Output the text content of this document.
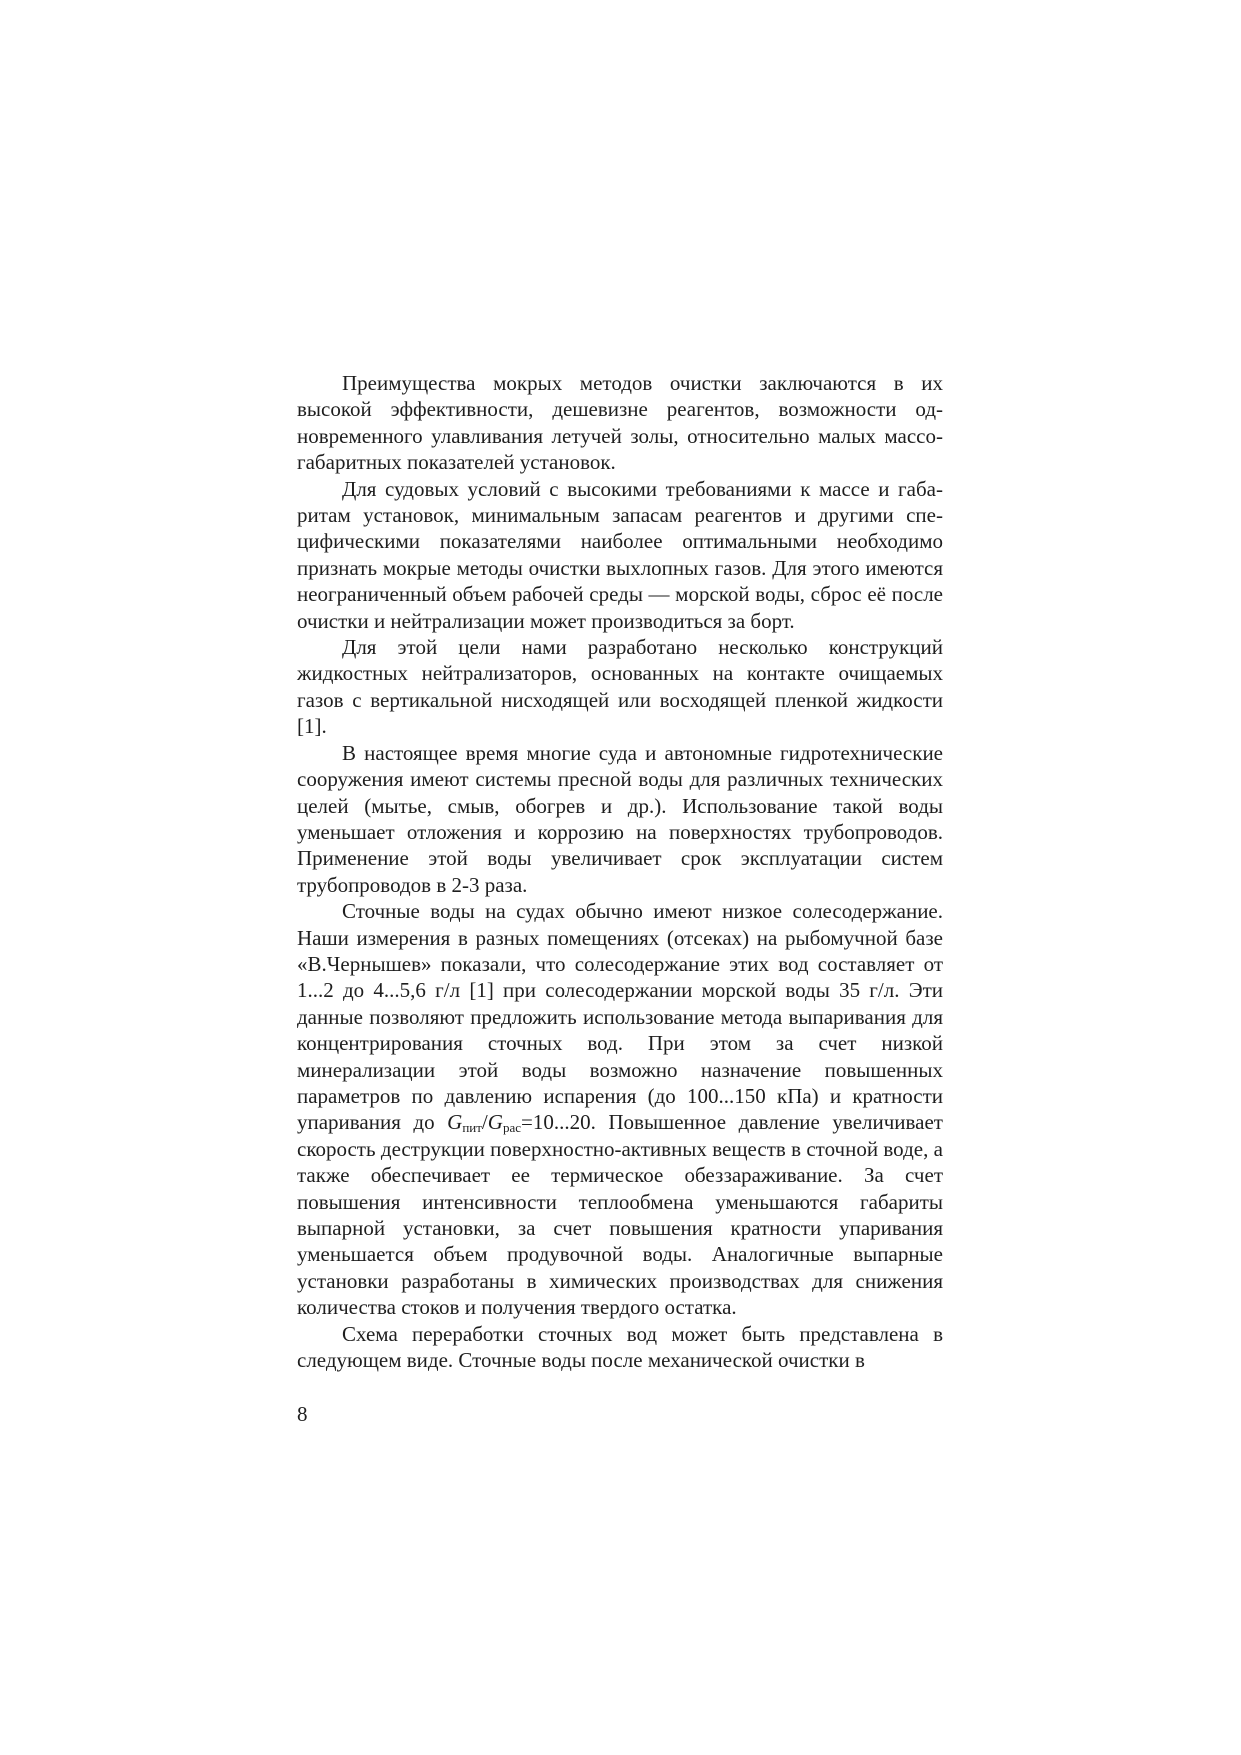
Преимущества мокрых методов очистки заключаются в их высокой эффективности, дешевизне реагентов, возможности одновременного улавливания летучей золы, относительно малых массо-габаритных показателей установок.

Для судовых условий с высокими требованиями к массе и габаритам установок, минимальным запасам реагентов и другими специфическими показателями наиболее оптимальными необходимо признать мокрые методы очистки выхлопных газов. Для этого имеются неограниченный объем рабочей среды — морской воды, сброс её после очистки и нейтрализации может производиться за борт.

Для этой цели нами разработано несколько конструкций жидкостных нейтрализаторов, основанных на контакте очищаемых газов с вертикальной нисходящей или восходящей пленкой жидкости [1].

В настоящее время многие суда и автономные гидротехнические сооружения имеют системы пресной воды для различных технических целей (мытье, смыв, обогрев и др.). Использование такой воды уменьшает отложения и коррозию на поверхностях трубопроводов. Применение этой воды увеличивает срок эксплуатации систем трубопроводов в 2-3 раза.

Сточные воды на судах обычно имеют низкое солесодержание. Наши измерения в разных помещениях (отсеках) на рыбомучной базе «В.Чернышев» показали, что солесодержание этих вод составляет от 1...2 до 4...5,6 г/л [1] при солесодержании морской воды 35 г/л. Эти данные позволяют предложить использование метода выпаривания для концентрирования сточных вод. При этом за счет низкой минерализации этой воды возможно назначение повышенных параметров по давлению испарения (до 100...150 кПа) и кратности упаривания до $G_{пит}/G_{рас}=10...20$. Повышенное давление увеличивает скорость деструкции поверхностно-активных веществ в сточной воде, а также обеспечивает ее термическое обеззараживание. За счет повышения интенсивности теплообмена уменьшаются габариты выпарной установки, за счет повышения кратности упаривания уменьшается объем продувочной воды. Аналогичные выпарные установки разработаны в химических производствах для снижения количества стоков и получения твердого остатка.

Схема переработки сточных вод может быть представлена в следующем виде. Сточные воды после механической очистки в

8
